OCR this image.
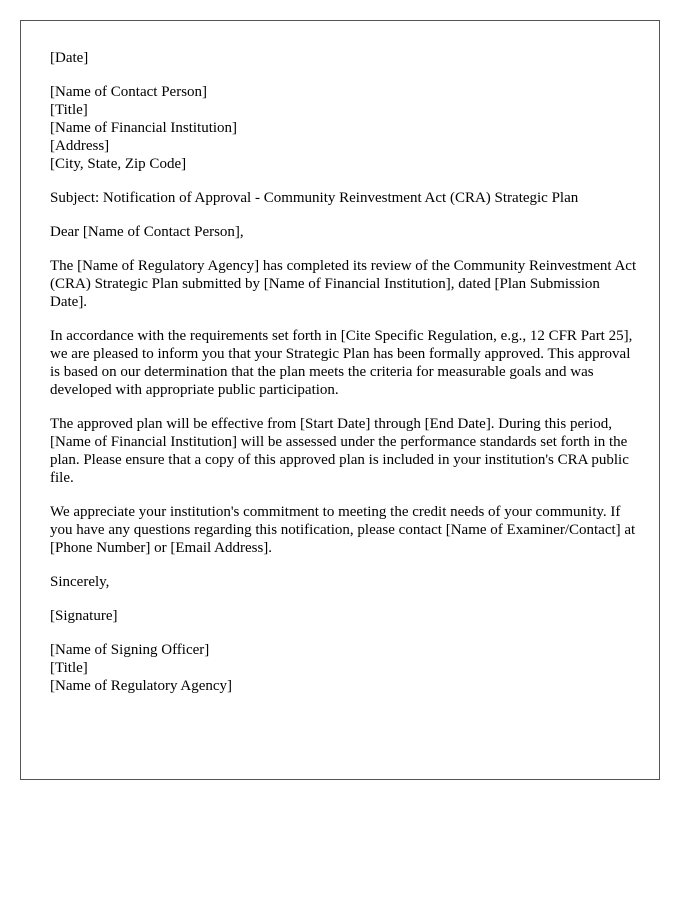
[Date]

[Name of Contact Person]
[Title]
[Name of Financial Institution]
[Address]
[City, State, Zip Code]

Subject: Notification of Approval - Community Reinvestment Act (CRA) Strategic Plan

Dear [Name of Contact Person],

The [Name of Regulatory Agency] has completed its review of the Community Reinvestment Act (CRA) Strategic Plan submitted by [Name of Financial Institution], dated [Plan Submission Date].

In accordance with the requirements set forth in [Cite Specific Regulation, e.g., 12 CFR Part 25], we are pleased to inform you that your Strategic Plan has been formally approved. This approval is based on our determination that the plan meets the criteria for measurable goals and was developed with appropriate public participation.

The approved plan will be effective from [Start Date] through [End Date]. During this period, [Name of Financial Institution] will be assessed under the performance standards set forth in the plan. Please ensure that a copy of this approved plan is included in your institution's CRA public file.

We appreciate your institution's commitment to meeting the credit needs of your community. If you have any questions regarding this notification, please contact [Name of Examiner/Contact] at [Phone Number] or [Email Address].

Sincerely,

[Signature]

[Name of Signing Officer]
[Title]
[Name of Regulatory Agency]
